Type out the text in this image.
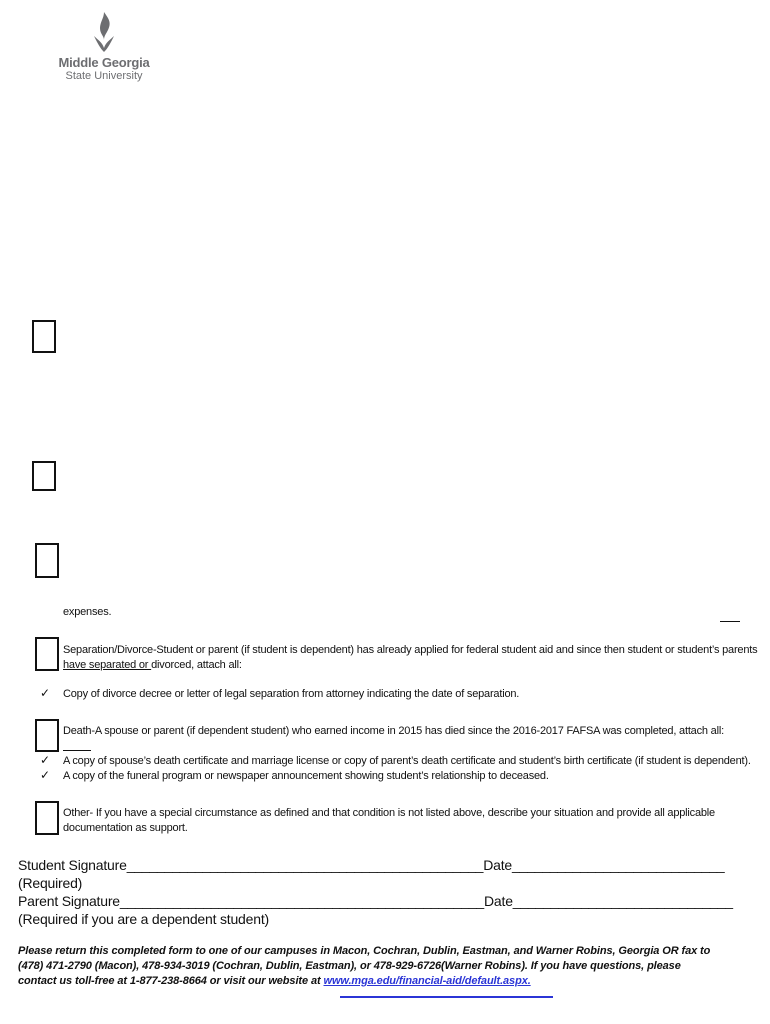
Middle Georgia
State University
expenses.
Separation/Divorce-Student or parent (if student is dependent) has already applied for federal student aid and since then student or student’s parents
have separated or divorced, attach all:
✓ Copy of divorce decree or letter of legal separation from attorney indicating the date of separation.
Death-A spouse or parent (if dependent student) who earned income in 2015 has died since the 2016-2017 FAFSA was completed, attach all:
✓ A copy of spouse’s death certificate and marriage license or copy of parent’s death certificate and student’s birth certificate (if student is dependent).
✓ A copy of the funeral program or newspaper announcement showing student’s relationship to deceased.
Other- If you have a special circumstance as defined and that condition is not listed above, describe your situation and provide all applicable
documentation as support.
Student Signature_______________________________________________Date____________________________
(Required)
Parent Signature________________________________________________Date_____________________________
(Required if you are a dependent student)
Please return this completed form to one of our campuses in Macon, Cochran, Dublin, Eastman, and Warner Robins, Georgia OR fax to
(478) 471-2790 (Macon), 478-934-3019 (Cochran, Dublin, Eastman), or 478-929-6726(Warner Robins). If you have questions, please
contact us toll-free at 1-877-238-8664 or visit our website at www.mga.edu/financial-aid/default.aspx.
